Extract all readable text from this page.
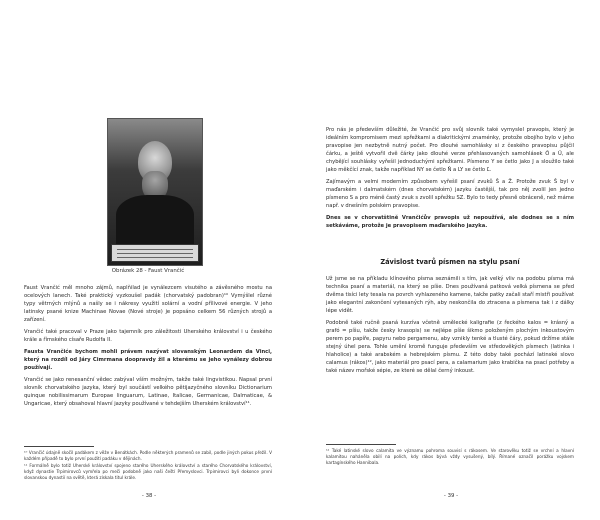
Obrázek 28 - Faust Vrančić

Faust Vrančić měl mnoho zájmů, naplňilad je vynálezcem visutého a závěsného mostu na ocelových lanech. Také praktický vyzkoušel padák (chorvatský padobran)¹⁰ Vymýšlel různé typy větrných mlýnů a našly se i nákresy využití solární a vodní přílivové energie. V jeho latinsky psané knize Machinae Novae (Nové stroje) je popsáno celkem 56 různých strojů a zařízení.

Vrančić také pracoval v Praze jako tajemník pro záležitosti Uherského království i u českého krále a římského císaře Rudolfa II.

Fausta Vrančiće bychom mohli právem nazývat slovanským Leonardem da Vinci, který na rozdíl od Járy Cimrmana doopravdy žil a kterému se jeho vynálezy dobrou používají.

Vrančić se jako renesanční vědec zabýval vším možným, takže také lingvistikou. Napsal první slovník chorvatského jazyka, který byl součástí velkého pětijazyčného slovníku Dictionarium quinque nobilissimarum Europae linguarum, Latinae, Italicae, Germanicae, Dalmaticae, & Ungaricae, který obsahoval hlavní jazyky používané v tehdejším Uherském království¹¹.

¹⁰ Vrančić údajně skočil padákem z věže v Benátkách. Podle některých pramenů se zabil, podle jiných pokus přežil. V každém případě to bylo první použití padáku v dějinách.

¹¹ Formálně bylo totiž Uherské království spojeno starého Uherského království a starého Chorvatského království, když dynastie Trpimirovců vymřela po meči podobně jako naši čeští Přemyslovci. Trpimirovci byli dokonce první slovanskou dynastií na světě, která získala titul krále.

- 38 -

Pro nás je především důležité, že Vrančić pro svůj slovník také vymyslel pravopis, který je ideálním kompromisem mezi spřežkami a diakritickými znaménky, protože obojího bylo v jeho pravopise jen nezbytně nutný počet. Pro dlouhé samohlásky si z českého pravopisu půjčil čárku, a ještě vytvořil dvě čárky jako dlouhé verze přehlasovaných samohlásek Ő a Ű, ale chybějící souhlásky vyřešil jednoduchými spřežkami. Písmeno Y se četlo jako J a sloužilo také jako měkčící znak, takže například NY se četlo Ň a LY se četlo Ľ.

Zajímavým a velmi moderním způsobem vyřešil psaní zvuků Š a Ž. Protože zvuk Š byl v maďarském i dalmatském (dnes chorvatském) jazyku častější, tak pro něj zvolil jen jedno písmeno S a pro méně častý zvuk s zvolil spřežku SZ. Bylo to tedy přesně obráceně, než máme např. v dnešním polském pravopise.

Dnes se v chorvatštině Vrančićův pravopis už nepoužívá, ale dodnes se s ním setkáváme, protože je pravopisem maďarského jazyka.

Závislost tvarů písmen na stylu psaní

Už jsme se na příkladu klínového písma seznámili s tím, jak velký vliv na podobu písma má technika psaní a materiál, na který se píše. Dnes používaná patková velká písmena se před dvěma tisíci lety tesala na povrch vyhlazeného kamene, takže patky začali staří mistři používat jako elegantní zakončení vytesaných rýh, aby neskončila do ztracena a písmena tak i z dálky lépe vidět.

Podobně také ručně psaná kurzíva včetně umělecké kaligrafie (z řeckého kalos = krásný a grafó = píšu, takže česky krasopis) se nejlépe píše šikmo položeným plochým inkoustovým perem po papíře, papyru nebo pergamenu, aby vznikly tenké a tlusté čáry, pokud držíme stále stejný úhel pera. Tohle umění kromě funguje především ve středověkých písmech (latinka i hlaholice) a také arabském a hebrejském písmu. Z této doby také pochází latinské slovo calamus (rákos)¹², jako materiál pro psací pera, a calamarium jako krabička na psací potřeby a také název mořské sépie, ze které se dělal černý inkoust.

¹² Také latinské slovo calamita ve významu pohroma souvisí s rákosem. Ve starověku totiž se vrchní a hlavní kalamitou naháněla obilí na polích, kdy rákos bývá vždy vysušený, bílý. Římané označil porážku vojskem kartagínského Hannibala.

- 39 -
